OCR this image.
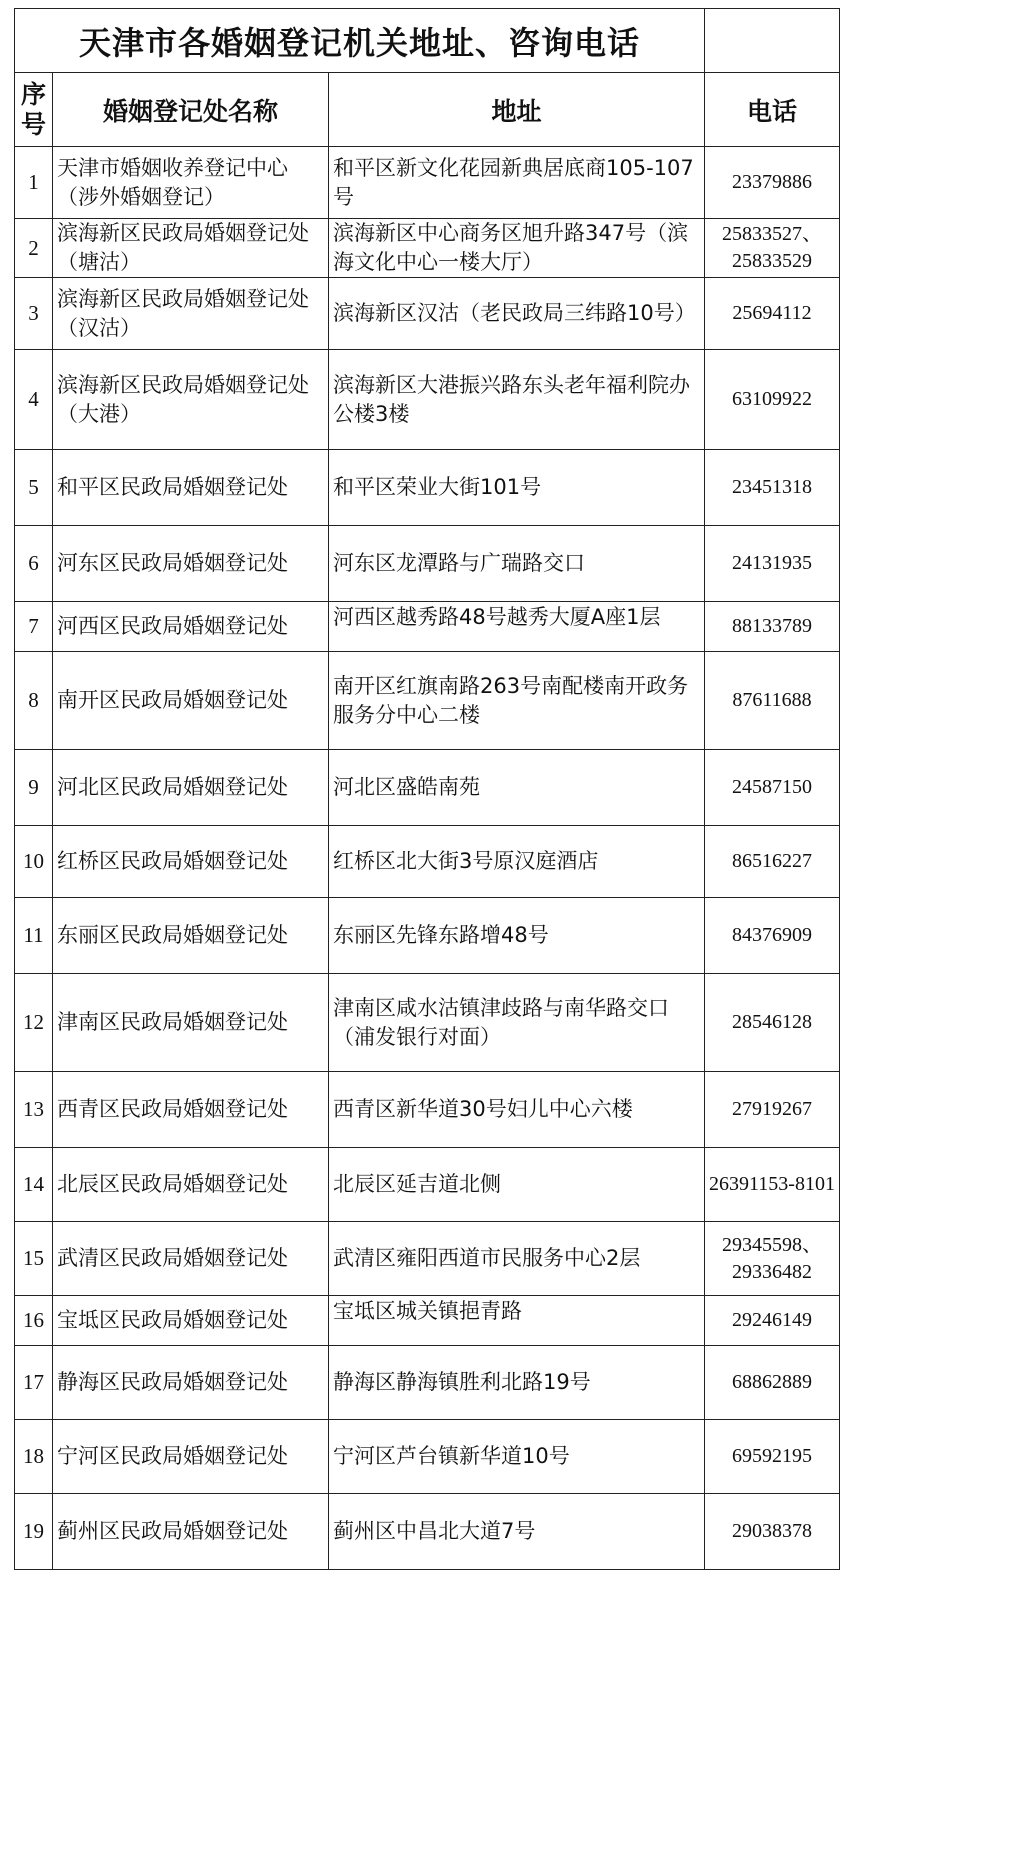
天津市各婚姻登记机关地址、咨询电话			
序号	婚姻登记处名称	地址	电话
1	天津市婚姻收养登记中心（涉外婚姻登记）	和平区新文化花园新典居底商105-107号	23379886

2	滨海新区民政局婚姻登记处（塘沽）	滨海新区中心商务区旭升路347号（滨海文化中心一楼大厅）	25833527、
25833529

3	滨海新区民政局婚姻登记处（汉沽）	滨海新区汉沽（老民政局三纬路10号）	25694112

4	滨海新区民政局婚姻登记处（大港）	滨海新区大港振兴路东头老年福利院办公楼3楼	63109922

5	和平区民政局婚姻登记处	和平区荣业大街101号	23451318

6	河东区民政局婚姻登记处	河东区龙潭路与广瑞路交口	24131935

7	河西区民政局婚姻登记处	河西区越秀路48号越秀大厦A座1层	88133789

8	南开区民政局婚姻登记处	南开区红旗南路263号南配楼南开政务服务分中心二楼	87611688

9	河北区民政局婚姻登记处	河北区盛皓南苑	24587150

10	红桥区民政局婚姻登记处	红桥区北大街3号原汉庭酒店	86516227

11	东丽区民政局婚姻登记处	东丽区先锋东路增48号	84376909

12	津南区民政局婚姻登记处	津南区咸水沽镇津歧路与南华路交口（浦发银行对面）	28546128

13	西青区民政局婚姻登记处	西青区新华道30号妇儿中心六楼	27919267

14	北辰区民政局婚姻登记处	北辰区延吉道北侧	26391153-8101

15	武清区民政局婚姻登记处	武清区雍阳西道市民服务中心2层	29345598、
29336482

16	宝坻区民政局婚姻登记处	宝坻区城关镇挹青路	29246149

17	静海区民政局婚姻登记处	静海区静海镇胜利北路19号	68862889

18	宁河区民政局婚姻登记处	宁河区芦台镇新华道10号	69592195

19	蓟州区民政局婚姻登记处	蓟州区中昌北大道7号	29038378
